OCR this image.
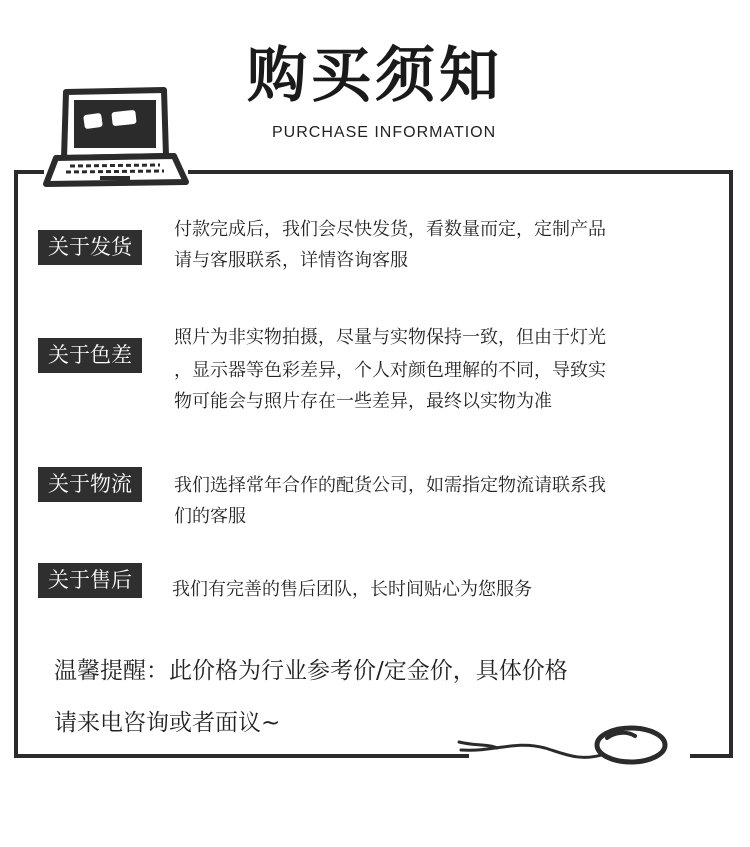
购买须知
PURCHASE INFORMATION
关于发货
付款完成后，我们会尽快发货，看数量而定，定制产品
请与客服联系，详情咨询客服
关于色差
照片为非实物拍摄，尽量与实物保持一致，但由于灯光
，显示器等色彩差异，个人对颜色理解的不同，导致实
物可能会与照片存在一些差异，最终以实物为准
关于物流	我们选择常年合作的配货公司，如需指定物流请联系我
们的客服
关于售后	我们有完善的售后团队，长时间贴心为您服务
温馨提醒：此价格为行业参考价/定金价，具体价格
请来电咨询或者面议~
